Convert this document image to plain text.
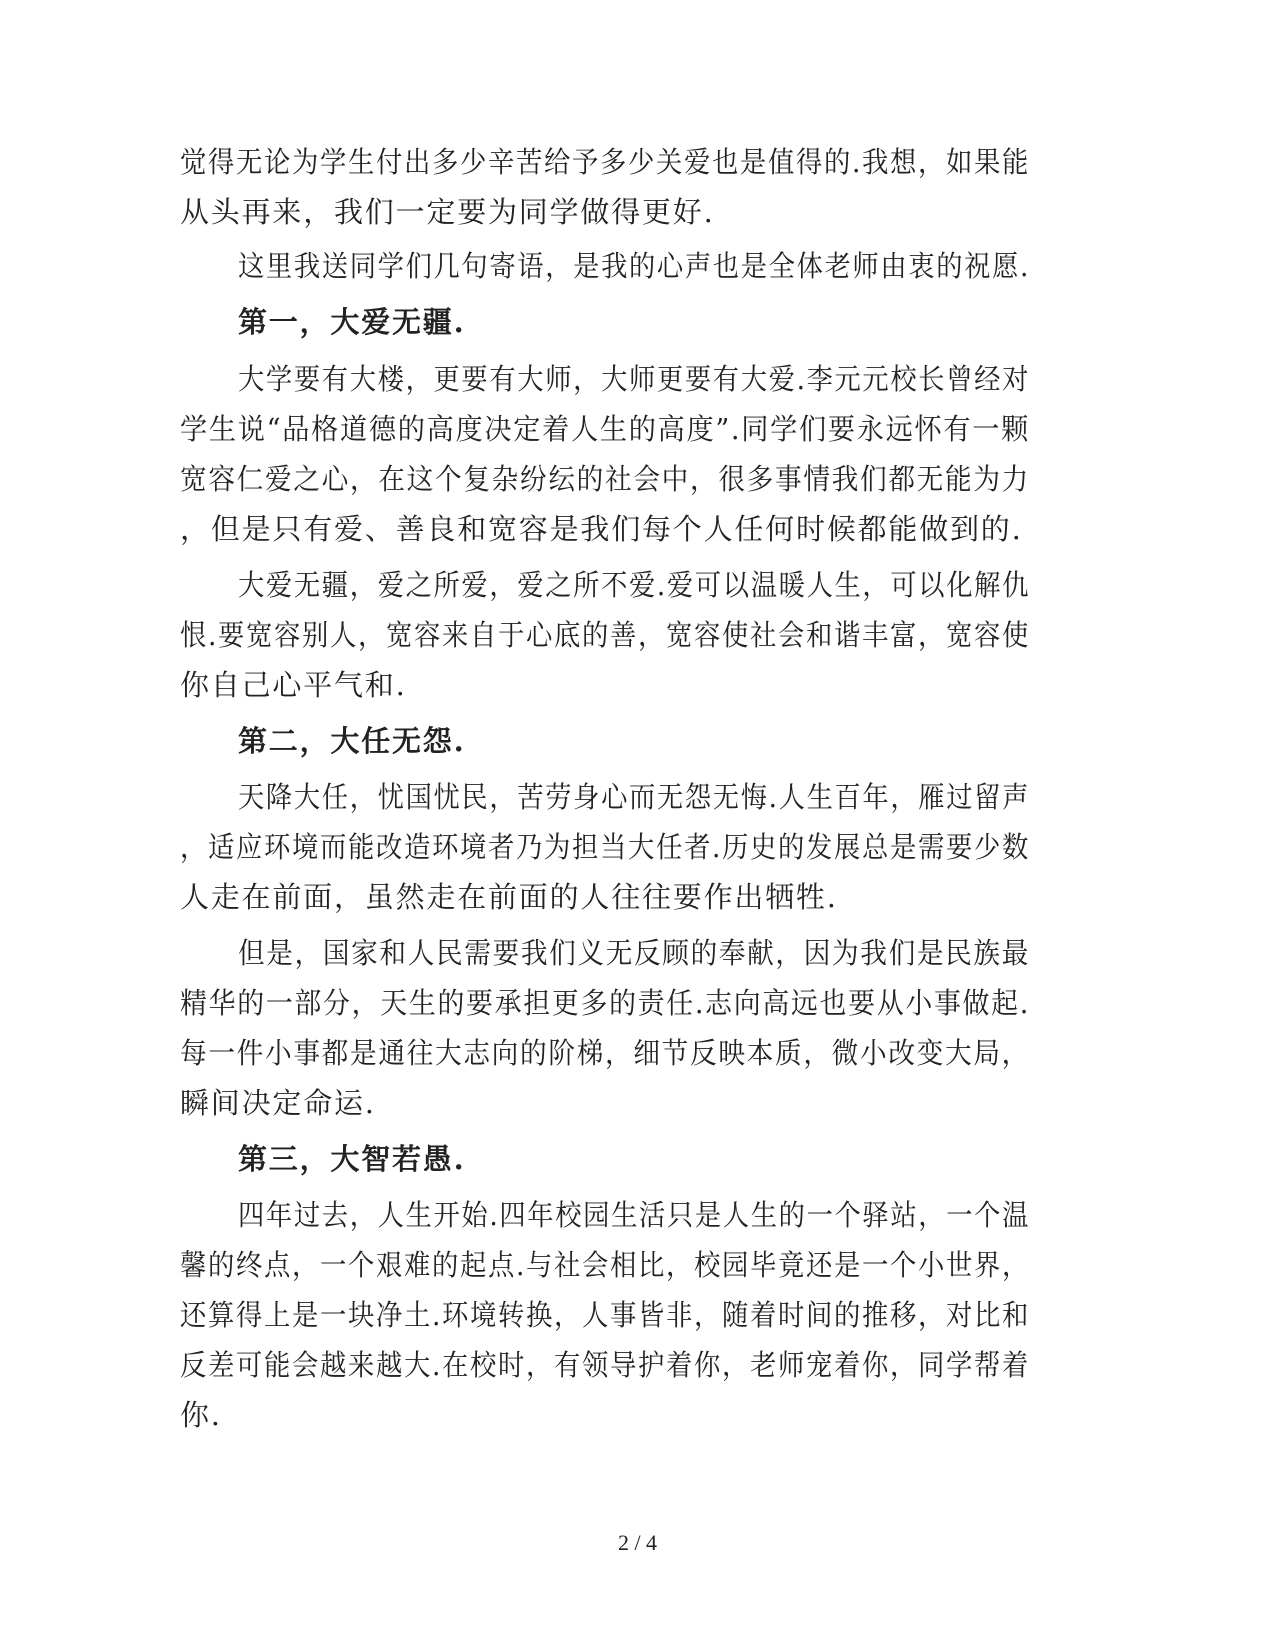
觉得无论为学生付出多少辛苦给予多少关爱也是值得的.我想，如果能
从头再来，我们一定要为同学做得更好.
这里我送同学们几句寄语，是我的心声也是全体老师由衷的祝愿.
第一，大爱无疆.
大学要有大楼，更要有大师，大师更要有大爱.李元元校长曾经对
学生说“品格道德的高度决定着人生的高度”.同学们要永远怀有一颗
宽容仁爱之心，在这个复杂纷纭的社会中，很多事情我们都无能为力
，但是只有爱、善良和宽容是我们每个人任何时候都能做到的.
大爱无疆，爱之所爱，爱之所不爱.爱可以温暖人生，可以化解仇
恨.要宽容别人，宽容来自于心底的善，宽容使社会和谐丰富，宽容使
你自己心平气和.
第二，大任无怨.
天降大任，忧国忧民，苦劳身心而无怨无悔.人生百年，雁过留声
，适应环境而能改造环境者乃为担当大任者.历史的发展总是需要少数
人走在前面，虽然走在前面的人往往要作出牺牲.
但是，国家和人民需要我们义无反顾的奉献，因为我们是民族最
精华的一部分，天生的要承担更多的责任.志向高远也要从小事做起.
每一件小事都是通往大志向的阶梯，细节反映本质，微小改变大局，
瞬间决定命运.
第三，大智若愚.
四年过去，人生开始.四年校园生活只是人生的一个驿站，一个温
馨的终点，一个艰难的起点.与社会相比，校园毕竟还是一个小世界，
还算得上是一块净土.环境转换，人事皆非，随着时间的推移，对比和
反差可能会越来越大.在校时，有领导护着你，老师宠着你，同学帮着
你.
2 / 4
